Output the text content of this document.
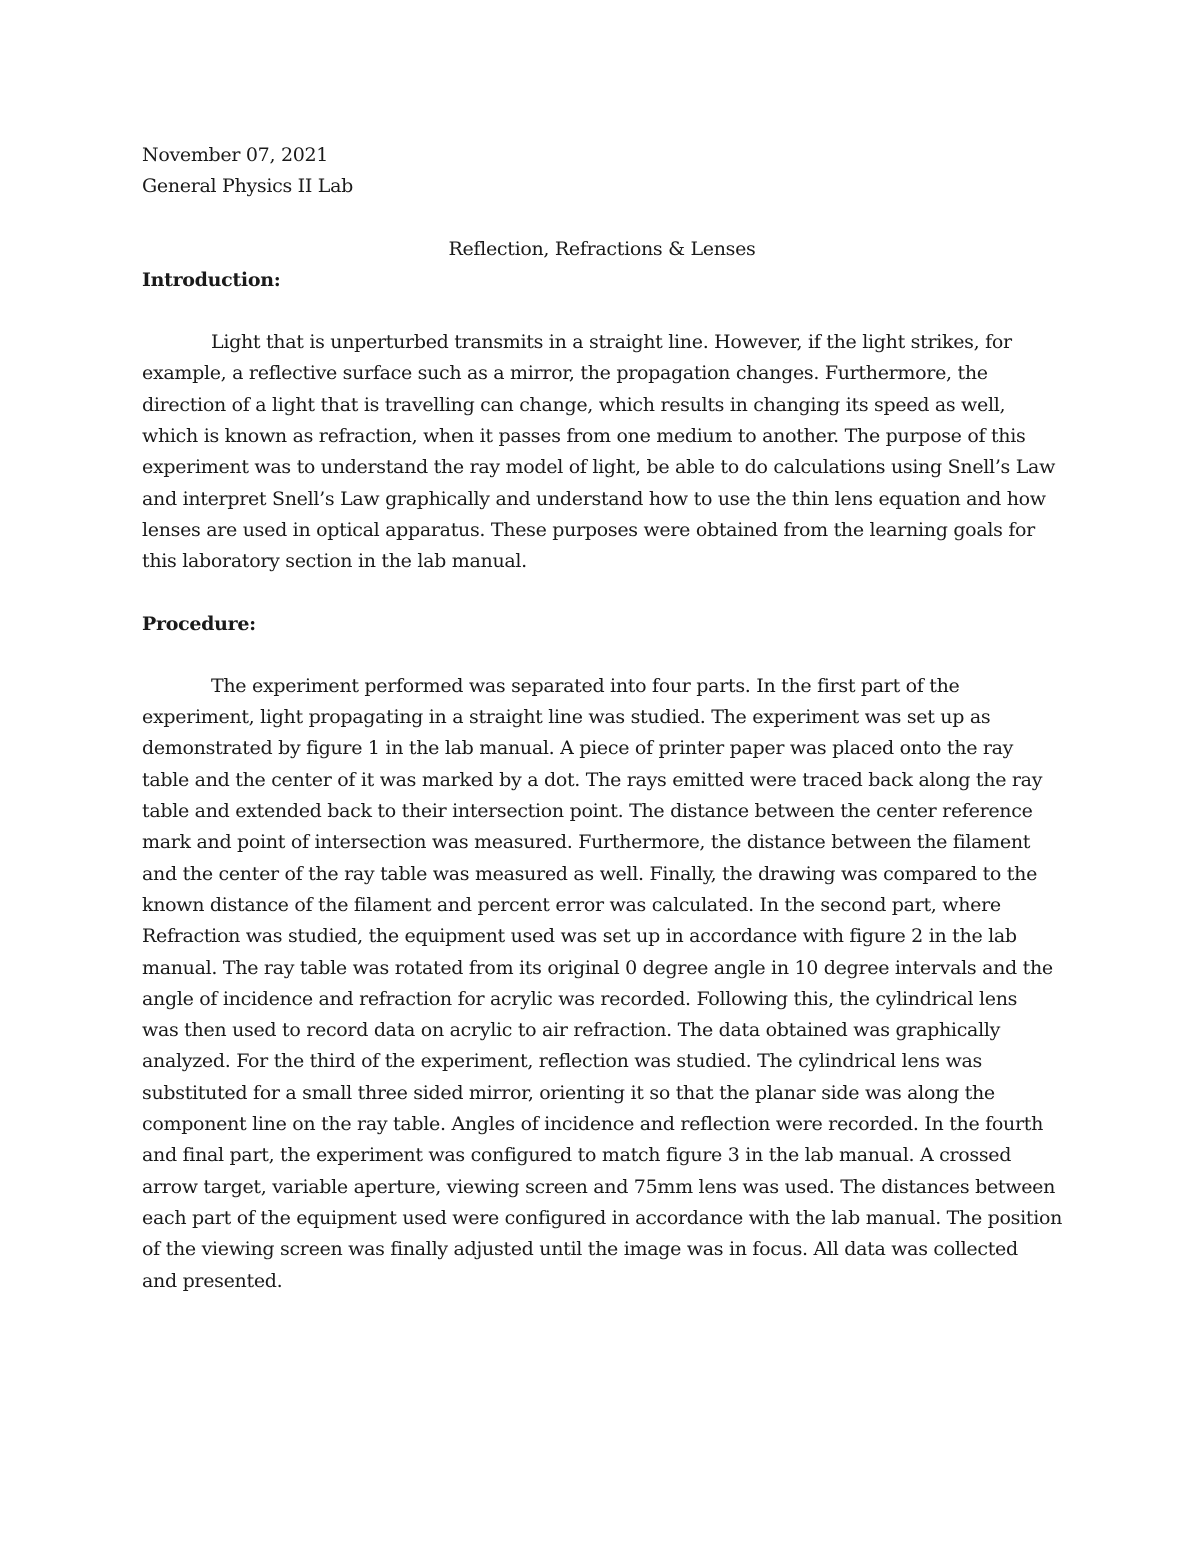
November 07, 2021
General Physics II Lab
Reflection, Refractions & Lenses
Introduction:
Light that is unperturbed transmits in a straight line. However, if the light strikes, for
example, a reflective surface such as a mirror, the propagation changes. Furthermore, the
direction of a light that is travelling can change, which results in changing its speed as well,
which is known as refraction, when it passes from one medium to another. The purpose of this
experiment was to understand the ray model of light, be able to do calculations using Snell’s Law
and interpret Snell’s Law graphically and understand how to use the thin lens equation and how
lenses are used in optical apparatus. These purposes were obtained from the learning goals for
this laboratory section in the lab manual.
Procedure:
The experiment performed was separated into four parts. In the first part of the
experiment, light propagating in a straight line was studied. The experiment was set up as
demonstrated by figure 1 in the lab manual. A piece of printer paper was placed onto the ray
table and the center of it was marked by a dot. The rays emitted were traced back along the ray
table and extended back to their intersection point. The distance between the center reference
mark and point of intersection was measured. Furthermore, the distance between the filament
and the center of the ray table was measured as well. Finally, the drawing was compared to the
known distance of the filament and percent error was calculated. In the second part, where
Refraction was studied, the equipment used was set up in accordance with figure 2 in the lab
manual. The ray table was rotated from its original 0 degree angle in 10 degree intervals and the
angle of incidence and refraction for acrylic was recorded. Following this, the cylindrical lens
was then used to record data on acrylic to air refraction. The data obtained was graphically
analyzed. For the third of the experiment, reflection was studied. The cylindrical lens was
substituted for a small three sided mirror, orienting it so that the planar side was along the
component line on the ray table. Angles of incidence and reflection were recorded. In the fourth
and final part, the experiment was configured to match figure 3 in the lab manual. A crossed
arrow target, variable aperture, viewing screen and 75mm lens was used. The distances between
each part of the equipment used were configured in accordance with the lab manual. The position
of the viewing screen was finally adjusted until the image was in focus. All data was collected
and presented.
